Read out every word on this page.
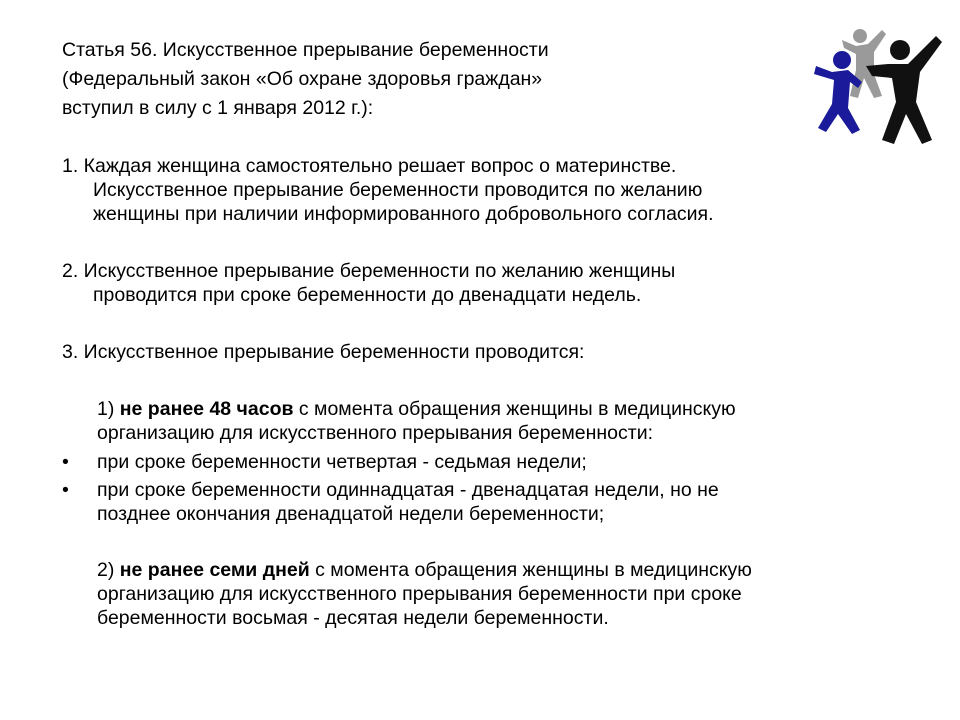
Статья 56. Искусственное прерывание беременности
(Федеральный закон «Об охране здоровья граждан»
вступил в силу с 1 января 2012 г.):
1. Каждая женщина самостоятельно решает вопрос о материнстве.
Искусственное прерывание беременности проводится по желанию
женщины при наличии информированного добровольного согласия.
2. Искусственное прерывание беременности по желанию женщины
проводится при сроке беременности до двенадцати недель.
3. Искусственное прерывание беременности проводится:
1) не ранее 48 часов с момента обращения женщины в медицинскую
организацию для искусственного прерывания беременности:
•	при сроке беременности четвертая - седьмая недели;
•	при сроке беременности одиннадцатая - двенадцатая недели, но не
позднее окончания двенадцатой недели беременности;
2) не ранее семи дней с момента обращения женщины в медицинскую
организацию для искусственного прерывания беременности при сроке
беременности восьмая - десятая недели беременности.
